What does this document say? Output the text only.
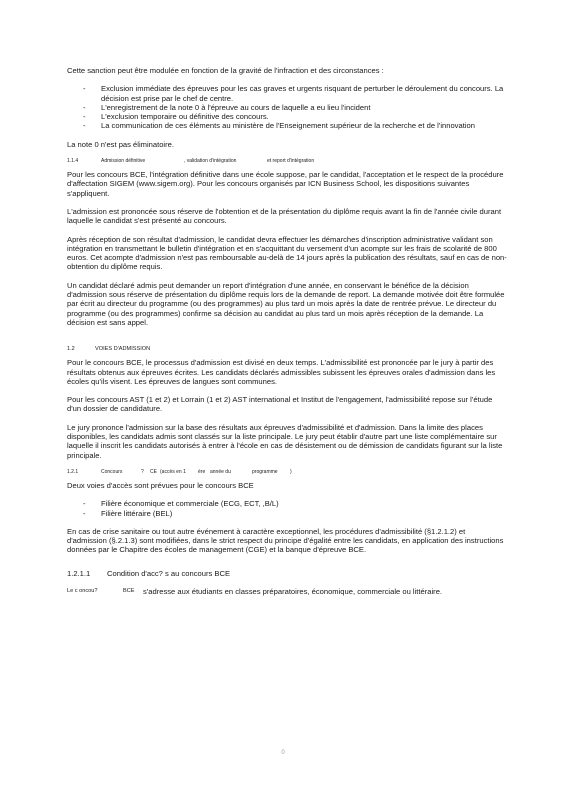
Cette sanction peut être modulée en fonction de la gravité de l'infraction et des circonstances :

- Exclusion immédiate des épreuves pour les cas graves et urgents risquant de perturber le déroulement du concours. La décision est prise par le chef de centre.
- L'enregistrement de la note 0 à l'épreuve au cours de laquelle a eu lieu l'incident
- L'exclusion temporaire ou définitive des concours.
- La communication de ces éléments au ministère de l'Enseignement supérieur de la recherche et de l'innovation

La note 0 n'est pas éliminatoire.

1.1.4	Admission définitive	, validation d'intégration	et report d'intégration

Pour les concours BCE, l'intégration définitive dans une école suppose, par le candidat, l'acceptation et le respect de la procédure d'affectation SIGEM (www.sigem.org). Pour les concours organisés par ICN Business School, les dispositions suivantes s'appliquent.

L'admission est prononcée sous réserve de l'obtention et de la présentation du diplôme requis avant la fin de l'année civile durant laquelle le candidat s'est présenté au concours.

Après réception de son résultat d'admission, le candidat devra effectuer les démarches d'inscription administrative validant son intégration en transmettant le bulletin d'intégration et en s'acquittant du versement d'un acompte sur les frais de scolarité de 800 euros. Cet acompte d'admission n'est pas remboursable au-delà de 14 jours après la publication des résultats, sauf en cas de non-obtention du diplôme requis.

Un candidat déclaré admis peut demander un report d'intégration d'une année, en conservant le bénéfice de la décision d'admission sous réserve de présentation du diplôme requis lors de la demande de report. La demande motivée doit être formulée par écrit au directeur du programme (ou des programmes) au plus tard un mois après la date de rentrée prévue. Le directeur du programme (ou des programmes) confirme sa décision au candidat au plus tard un mois après réception de la demande. La décision est sans appel.

1.2	VOIES D'ADMISSION

Pour le concours BCE, le processus d'admission est divisé en deux temps. L'admissibilité est prononcée par le jury à partir des résultats obtenus aux épreuves écrites. Les candidats déclarés admissibles subissent les épreuves orales d'admission dans les écoles qu'ils visent. Les épreuves de langues sont communes.

Pour les concours AST (1 et 2) et Lorrain (1 et 2) AST international et Institut de l'engagement, l'admissibilité repose sur l'étude d'un dossier de candidature.

Le jury prononce l'admission sur la base des résultats aux épreuves d'admissibilité et d'admission. Dans la limite des places disponibles, les candidats admis sont classés sur la liste principale. Le jury peut établir d'autre part une liste complémentaire sur laquelle il inscrit les candidats autorisés à entrer à l'école en cas de désistement ou de démission de candidats figurant sur la liste principale.

1.2.1	Concours	?	CE (accès en 1	ère année du	programme	)

Deux voies d'accès sont prévues pour le concours BCE

- Filière économique et commerciale (ECG, ECT, ,B/L)
- Filière littéraire (BEL)

En cas de crise sanitaire ou tout autre événement à caractère exceptionnel, les procédures d'admissibilité (§1.2.1.2) et d'admission (§.2.1.3) sont modifiées, dans le strict respect du principe d'égalité entre les candidats, en application des instructions données par le Chapitre des écoles de management (CGE) et la banque d'épreuve BCE.

1.2.1.1	Condition d'acc? s au concours BCE

Le c oncou?	BCE	s'adresse aux étudiants en classes préparatoires, économique, commerciale ou littéraire.

0
